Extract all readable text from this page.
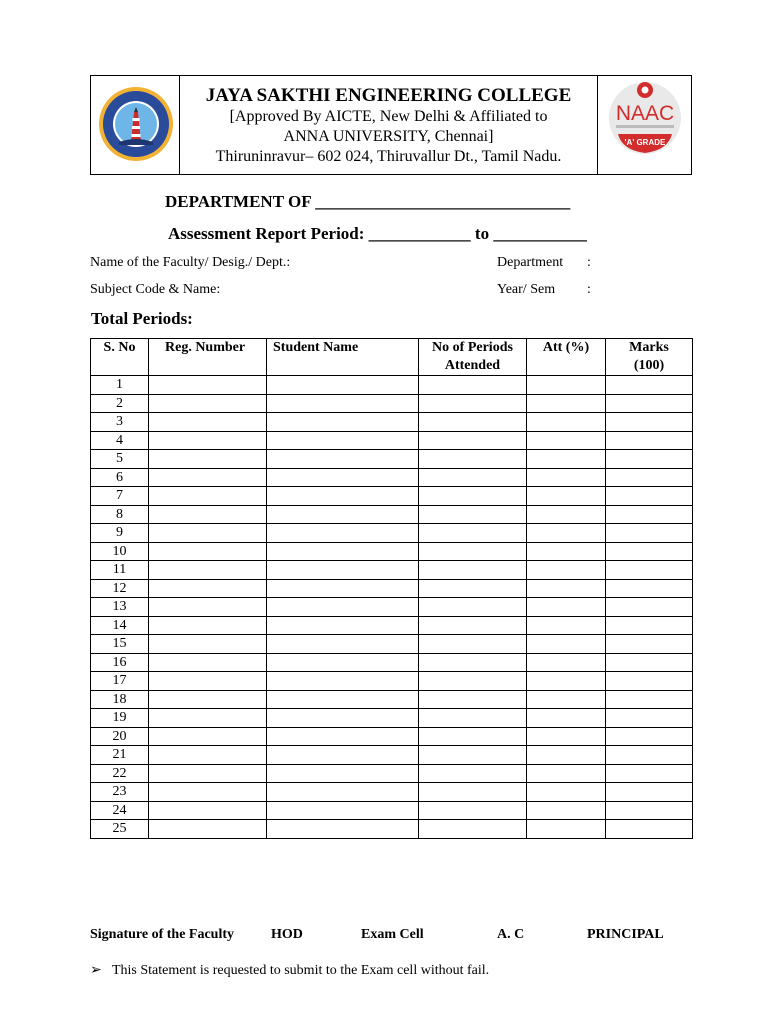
JAYA SAKTHI ENGINEERING COLLEGE
[Approved By AICTE, New Delhi & Affiliated to
ANNA UNIVERSITY, Chennai]
Thiruninravur– 602 024, Thiruvallur Dt., Tamil Nadu.
NAAC
'A' GRADE
DEPARTMENT OF ______________________________
Assessment Report Period: ____________ to ___________
Name of the Faculty/ Desig./ Dept.:
Subject Code & Name:
Department :
Year/ Sem :
Total Periods:
S. No	Reg. Number	Student Name	No of Periods
Attended	Att (%)	Marks
(100)
1					
2					
3					
4					
5					
6					
7					
8					
9					
10					
11					
12					
13					
14					
15					
16					
17					
18					
19					
20					
21					
22					
23					
24					
25					
Signature of the Faculty	HOD	Exam Cell	A. C	PRINCIPAL
➢ This Statement is requested to submit to the Exam cell without fail.
